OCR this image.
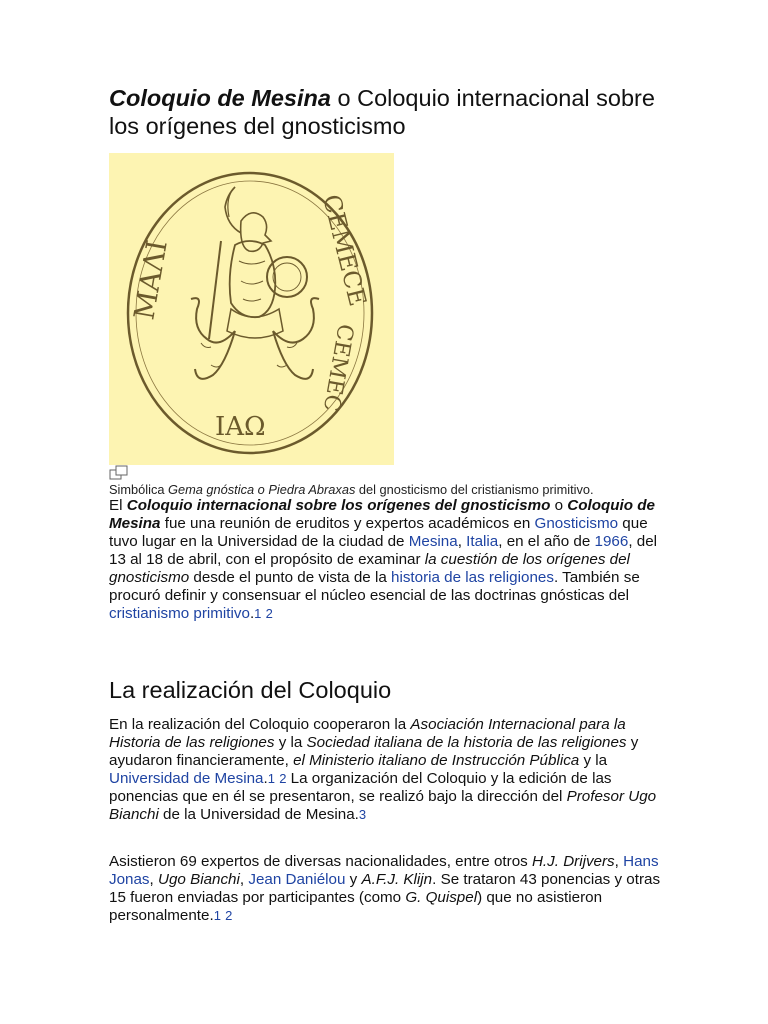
Coloquio de Mesina o Coloquio internacional sobre los orígenes del gnosticismo
ΜΑΛΙ	CEMECE
CEMEC
ΙΑΩ

Simbólica Gema gnóstica o Piedra Abraxas del gnosticismo del cristianismo primitivo.

El Coloquio internacional sobre los orígenes del gnosticismo o Coloquio de Mesina fue una reunión de eruditos y expertos académicos en Gnosticismo que tuvo lugar en la Universidad de la ciudad de Mesina, Italia, en el año de 1966, del 13 al 18 de abril, con el propósito de examinar la cuestión de los orígenes del gnosticismo desde el punto de vista de la historia de las religiones. También se procuró definir y consensuar el núcleo esencial de las doctrinas gnósticas del cristianismo primitivo.1 2

La realización del Coloquio

En la realización del Coloquio cooperaron la Asociación Internacional para la Historia de las religiones y la Sociedad italiana de la historia de las religiones y ayudaron financieramente, el Ministerio italiano de Instrucción Pública y la Universidad de Mesina.1 2 La organización del Coloquio y la edición de las ponencias que en él se presentaron, se realizó bajo la dirección del Profesor Ugo Bianchi de la Universidad de Mesina.3

Asistieron 69 expertos de diversas nacionalidades, entre otros H.J. Drijvers, Hans Jonas, Ugo Bianchi, Jean Daniélou y A.F.J. Klijn. Se trataron 43 ponencias y otras 15 fueron enviadas por participantes (como G. Quispel) que no asistieron personalmente.1 2
